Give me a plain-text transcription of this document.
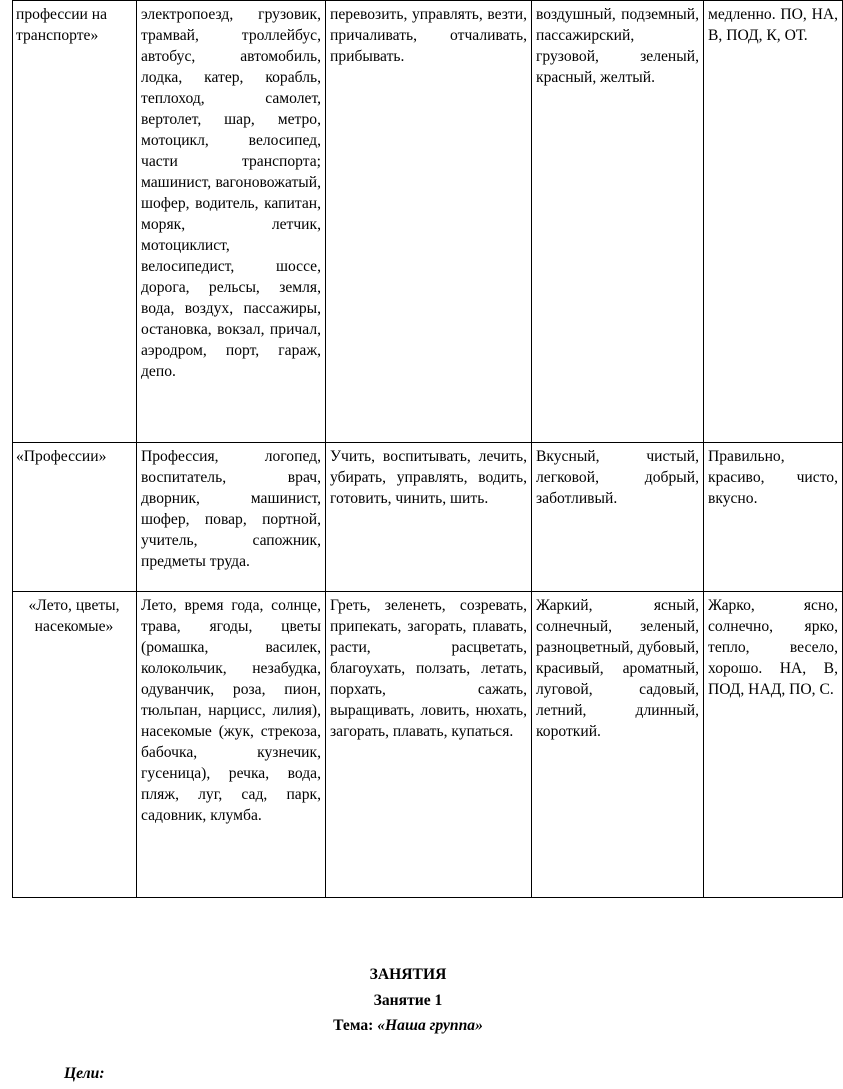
профессии на транспорте»	электропоезд, грузовик, трамвай, троллейбус, автобус, автомобиль, лодка, катер, корабль, теплоход, самолет, вертолет, шар, метро, мотоцикл, велосипед, части транспорта; машинист, вагоновожатый, шофер, водитель, капитан, моряк, летчик, мотоциклист, велосипедист, шоссе, дорога, рельсы, земля, вода, воздух, пассажиры, остановка, вокзал, причал, аэродром, порт, гараж, депо.	перевозить, управлять, везти, причаливать, отчаливать, прибывать.	воздушный, подземный, пассажирский, грузовой, зеленый, красный, желтый.	медленно. ПО, НА, В, ПОД, К, ОТ.
«Профессии»	Профессия, логопед, воспитатель, врач, дворник, машинист, шофер, повар, портной, учитель, сапожник, предметы труда.	Учить, воспитывать, лечить, убирать, управлять, водить, готовить, чинить, шить.	Вкусный, чистый, легковой, добрый, заботливый.	Правильно, красиво, чисто, вкусно.
«Лето, цветы, насекомые»	Лето, время года, солнце, трава, ягоды, цветы (ромашка, василек, колокольчик, незабудка, одуванчик, роза, пион, тюльпан, нарцисс, лилия), насекомые (жук, стрекоза, бабочка, кузнечик, гусеница), речка, вода, пляж, луг, сад, парк, садовник, клумба.	Греть, зеленеть, созревать, припекать, загорать, плавать, расти, расцветать, благоухать, ползать, летать, порхать, сажать, выращивать, ловить, нюхать, загорать, плавать, купаться.	Жаркий, ясный, солнечный, зеленый, разноцветный, дубовый, красивый, ароматный, луговой, садовый, летний, длинный, короткий.	Жарко, ясно, солнечно, ярко, тепло, весело, хорошо. НА, В, ПОД, НАД, ПО, С.
ЗАНЯТИЯ
Занятие 1
Тема: «Наша группа»
Цели:
